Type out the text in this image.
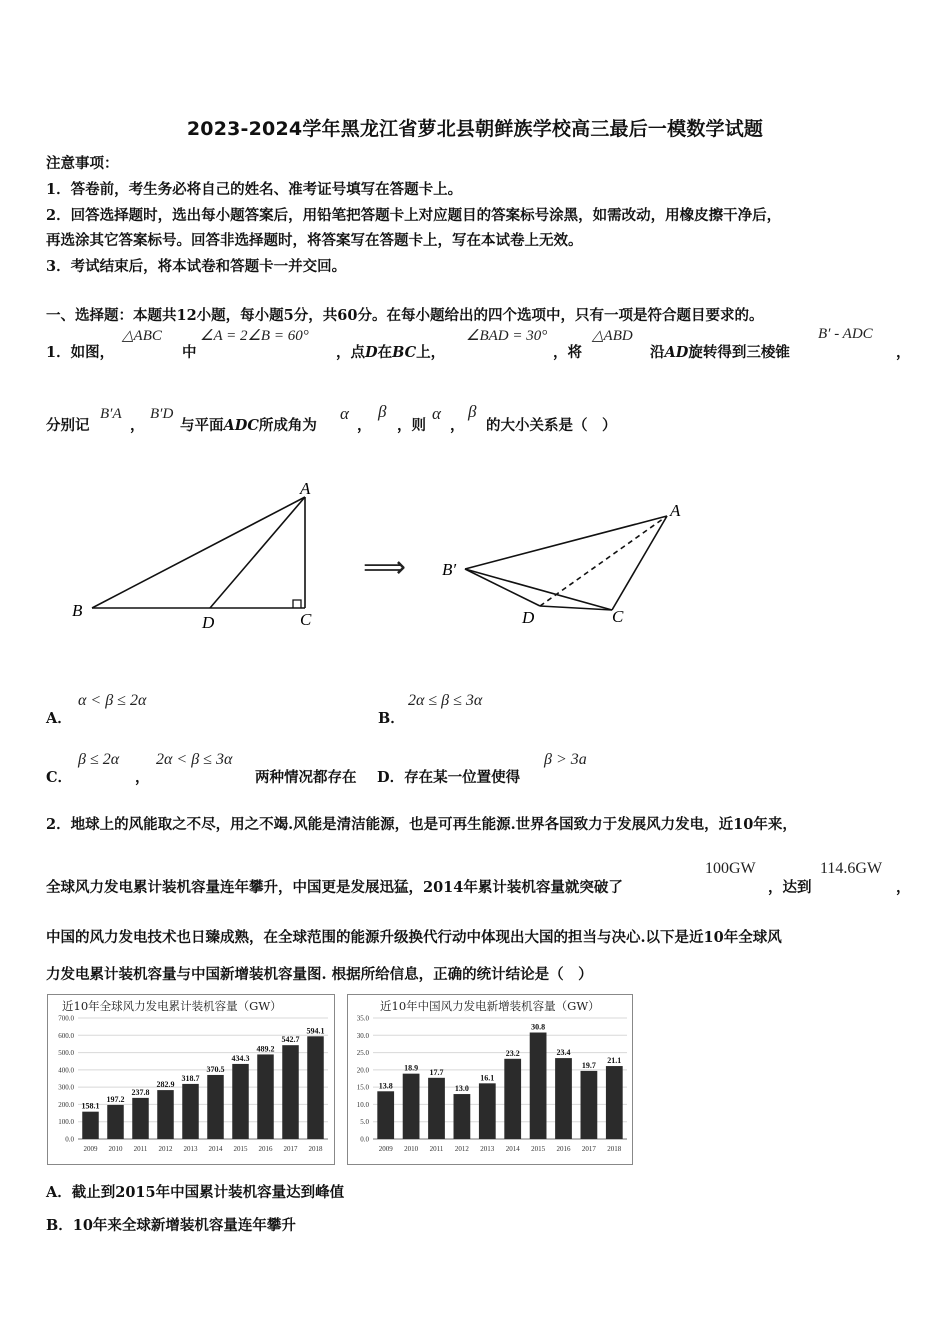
2023-2024学年黑龙江省萝北县朝鲜族学校高三最后一模数学试题
注意事项：
1．答卷前，考生务必将自己的姓名、准考证号填写在答题卡上。
2．回答选择题时，选出每小题答案后，用铅笔把答题卡上对应题目的答案标号涂黑，如需改动，用橡皮擦干净后，
再选涂其它答案标号。回答非选择题时，将答案写在答题卡上，写在本试卷上无效。
3．考试结束后，将本试卷和答题卡一并交回。
一、选择题：本题共12小题，每小题5分，共60分。在每小题给出的四个选项中，只有一项是符合题目要求的。
1．如图，
△ABC
中
∠A = 2∠B = 60°
，点D在BC上，
∠BAD = 30°
，将
△ABD
沿AD旋转得到三棱锥
B′ - ADC
，
分别记
B′A
，
B′D
与平面ADC所成角为
α
，
β
，则
α
，
β
的大小关系是（　）
A
B	C
D
⟹ B′
A
C
D
A．
α < β ≤ 2α
B．
2α ≤ β ≤ 3α
C．
β ≤ 2α
，
2α < β ≤ 3α
两种情况都存在 D．存在某一位置使得
β > 3a
2．地球上的风能取之不尽，用之不竭.风能是清洁能源，也是可再生能源.世界各国致力于发展风力发电，近10年来，
全球风力发电累计装机容量连年攀升，中国更是发展迅猛，2014年累计装机容量就突破了
100GW
，达到
114.6GW
，
中国的风力发电技术也日臻成熟，在全球范围的能源升级换代行动中体现出大国的担当与决心.以下是近10年全球风
力发电累计装机容量与中国新增装机容量图. 根据所给信息，正确的统计结论是（　）
近10年全球风力发电累计装机容量（GW）
0.0
100.0
200.0
300.0
400.0
500.0
600.0
700.0
158.1
2009
197.2
2010
237.8
2011
282.9
2012
318.7
2013
370.5
2014
434.3
2015
489.2
2016
542.7
2017
594.1
2018
近10年中国风力发电新增装机容量（GW）
0.0
5.0
10.0
15.0
20.0
25.0
30.0
35.0
13.8
2009
18.9
2010
17.7
2011
13.0
2012
16.1
2013
23.2
2014
30.8
2015
23.4
2016
19.7
2017
21.1
2018
A．截止到2015年中国累计装机容量达到峰值
B．10年来全球新增装机容量连年攀升
